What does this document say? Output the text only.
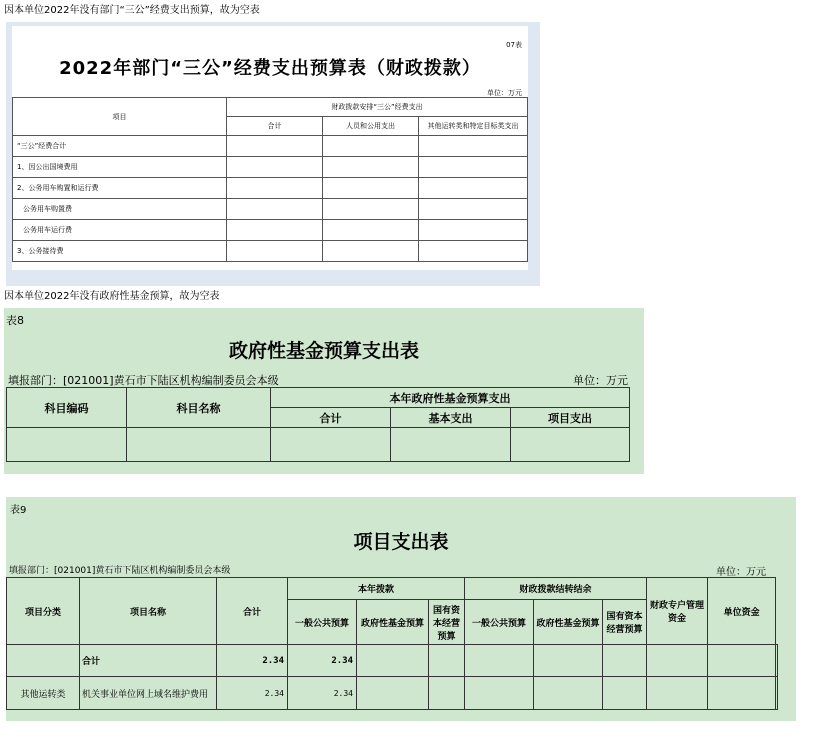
因本单位2022年没有部门“三公”经费支出预算，故为空表
因本单位2022年没有政府性基金预算，故为空表
07表
2022年部门“三公”经费支出预算表（财政拨款）
单位：万元
项目	财政拨款安排“三公”经费支出		
	合计	人员和公用支出	其他运转类和特定目标类支出
“三公”经费合计			
1、因公出国境费用			
2、公务用车购置和运行费			
公务用车购置费			
公务用车运行费			
3、公务接待费			
表8
政府性基金预算支出表
填报部门：[021001]黄石市下陆区机构编制委员会本级	单位：万元
科目编码	科目名称	本年政府性基金预算支出		
		合计	基本支出	项目支出

表9
项目支出表
填报部门：[021001]黄石市下陆区机构编制委员会本级	单位：万元
项目分类	项目名称	合计	本年拨款			财政拨款结转结余			财政专户管理资金	单位资金	
			一般公共预算	政府性基金预算	国有资本经营预算	一般公共预算	政府性基金预算	国有资本经营预算			
	合计	2.34	2.34								
其他运转类	机关事业单位网上域名维护费用	2.34	2.34								
